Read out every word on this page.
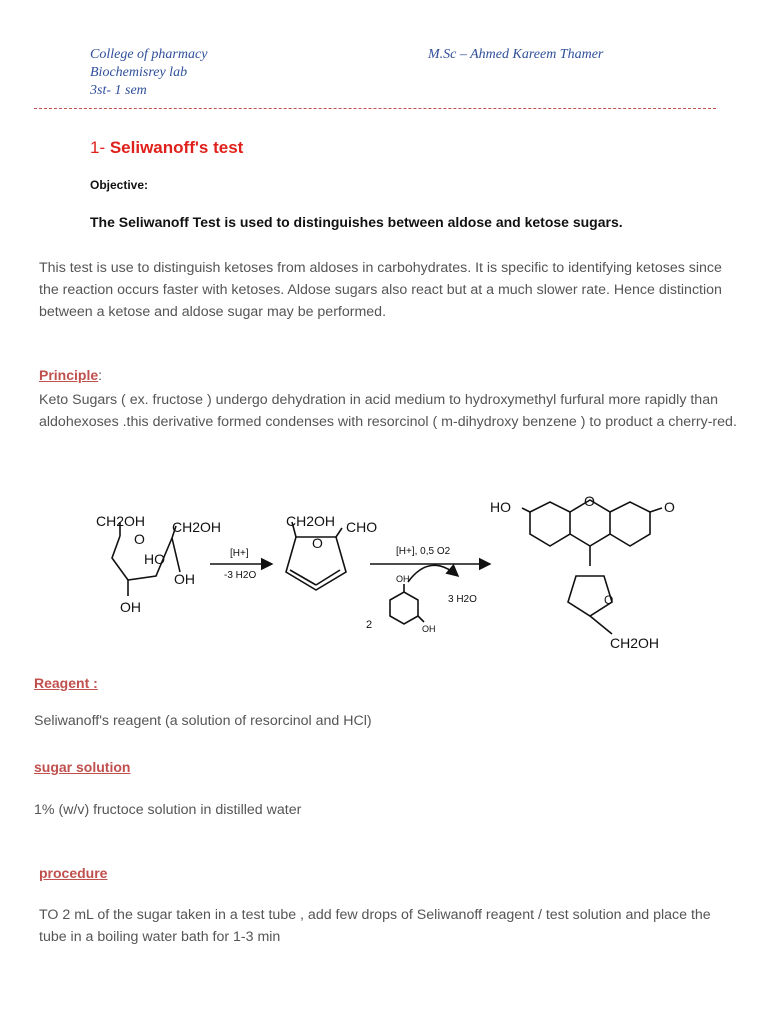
College of pharmacy
Biochemisrey lab
3st- 1 sem
M.Sc – Ahmed Kareem Thamer
1- Seliwanoff's test
Objective:
The Seliwanoff Test is used to distinguishes between aldose and ketose sugars.
This test is use to distinguish ketoses from aldoses in carbohydrates. It is specific to identifying ketoses since the reaction occurs faster with ketoses. Aldose sugars also react but at a much slower rate. Hence distinction between a ketose and aldose sugar may be performed.
Principle:
Keto Sugars ( ex. fructose ) undergo dehydration in acid medium to hydroxymethyl furfural more rapidly than aldohexoses .this derivative formed condenses with resorcinol ( m-dihydroxy benzene ) to product a cherry-red.
CH2OH CH2OH
O
HO
OH
OH
[H+]
-3 H2O
CH2OH CHO
O
[H+], 0,5 O2
3 H2O
2
OH
OH
HO	O	O
O
CH2OH
Reagent :
Seliwanoff's reagent (a solution of resorcinol and HCl)
sugar solution
1% (w/v) fructoce solution in distilled water
procedure
TO 2 mL of the sugar taken in a test tube , add few drops of Seliwanoff reagent / test solution and place the tube in a boiling water bath for 1-3 min
